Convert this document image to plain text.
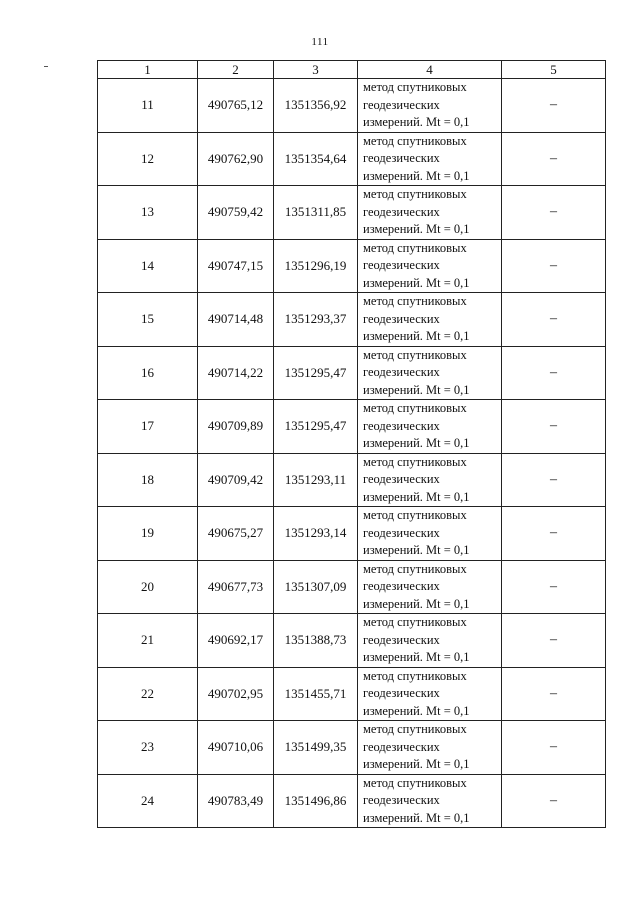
111
1	2	3	4	5
11	490765,12	1351356,92	метод спутниковых
геодезических
измерений. Mt = 0,1	–
12	490762,90	1351354,64	метод спутниковых
геодезических
измерений. Mt = 0,1	–
13	490759,42	1351311,85	метод спутниковых
геодезических
измерений. Mt = 0,1	–
14	490747,15	1351296,19	метод спутниковых
геодезических
измерений. Mt = 0,1	–
15	490714,48	1351293,37	метод спутниковых
геодезических
измерений. Mt = 0,1	–
16	490714,22	1351295,47	метод спутниковых
геодезических
измерений. Mt = 0,1	–
17	490709,89	1351295,47	метод спутниковых
геодезических
измерений. Mt = 0,1	–
18	490709,42	1351293,11	метод спутниковых
геодезических
измерений. Mt = 0,1	–
19	490675,27	1351293,14	метод спутниковых
геодезических
измерений. Mt = 0,1	–
20	490677,73	1351307,09	метод спутниковых
геодезических
измерений. Mt = 0,1	–
21	490692,17	1351388,73	метод спутниковых
геодезических
измерений. Mt = 0,1	–
22	490702,95	1351455,71	метод спутниковых
геодезических
измерений. Mt = 0,1	–
23	490710,06	1351499,35	метод спутниковых
геодезических
измерений. Mt = 0,1	–
24	490783,49	1351496,86	метод спутниковых
геодезических
измерений. Mt = 0,1	–
